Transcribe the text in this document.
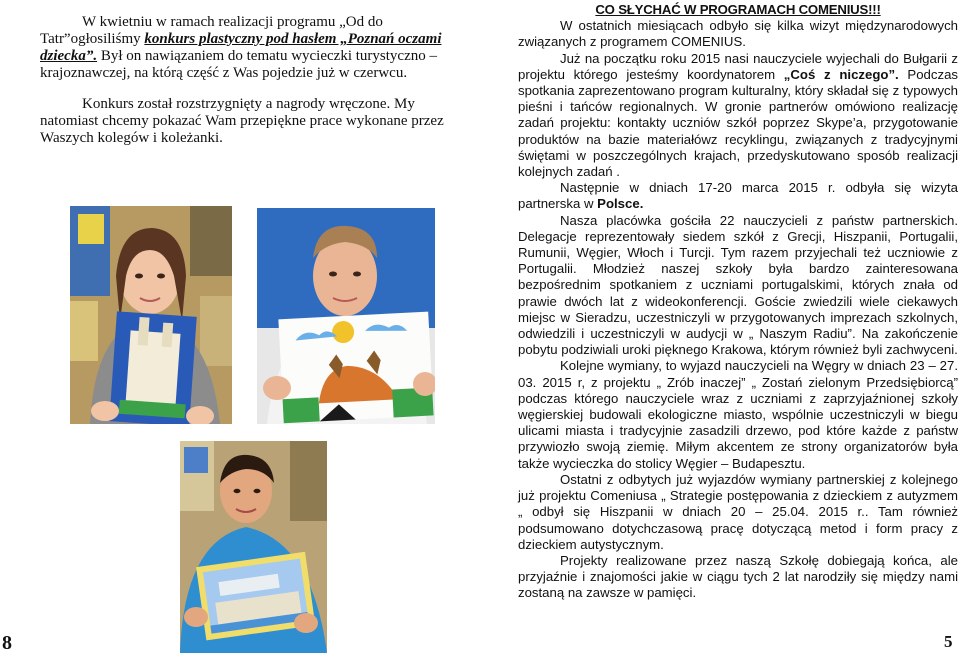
W kwietniu w ramach realizacji programu „Od do Tatr”ogłosiliśmy konkurs plastyczny pod hasłem „Poznań oczami dziecka”. Był on nawiązaniem do tematu wycieczki turystyczno – krajoznawczej, na którą część z Was pojedzie już w czerwcu.

Konkurs został rozstrzygnięty a nagrody wręczone. My natomiast chcemy pokazać Wam przepiękne prace wykonane przez Waszych kolegów i koleżanki.

8

CO SŁYCHAĆ W PROGRAMACH COMENIUS!!!

W ostatnich miesiącach odbyło się kilka wizyt międzynarodowych związanych z programem COMENIUS.

Już na początku roku 2015 nasi nauczyciele wyjechali do Bułgarii z projektu którego jesteśmy koordynatorem „Coś z niczego”. Podczas spotkania zaprezentowano program kulturalny, który składał się z typowych pieśni i tańców regionalnych. W gronie partnerów omówiono realizację zadań projektu: kontakty uczniów szkół poprzez Skype’a, przygotowanie produktów na bazie materiałówz recyklingu, związanych z tradycyjnymi świętami w poszczególnych krajach, przedyskutowano sposób realizacji kolejnych zadań .

Następnie w dniach 17-20 marca 2015 r. odbyła się wizyta partnerska w Polsce.

Nasza placówka gościła 22 nauczycieli z państw partnerskich. Delegacje reprezentowały siedem szkół z Grecji, Hiszpanii, Portugalii, Rumunii, Węgier, Włoch i Turcji. Tym razem przyjechali też uczniowie z Portugalii. Młodzież naszej szkoły była bardzo zainteresowana bezpośrednim spotkaniem z uczniami portugalskimi, których znała od prawie dwóch lat z wideokonferencji. Goście zwiedzili wiele ciekawych miejsc w Sieradzu, uczestniczyli w przygotowanych imprezach szkolnych, odwiedzili i uczestniczyli w audycji w „ Naszym Radiu”. Na zakończenie pobytu podziwiali uroki pięknego Krakowa, którym również byli zachwyceni.

Kolejne wymiany, to wyjazd nauczycieli na Węgry w dniach 23 – 27. 03. 2015 r, z projektu „ Zrób inaczej” „ Zostań zielonym Przedsiębiorcą” podczas którego nauczyciele wraz z uczniami z zaprzyjaźnionej szkoły węgierskiej budowali ekologiczne miasto, wspólnie uczestniczyli w biegu ulicami miasta i tradycyjnie zasadzili drzewo, pod które każde z państw przywiozło swoją ziemię. Miłym akcentem ze strony organizatorów była także wycieczka do stolicy Węgier – Budapesztu.

Ostatni z odbytych już wyjazdów wymiany partnerskiej z kolejnego już projektu Comeniusa „ Strategie postępowania z dzieckiem z autyzmem „ odbył się Hiszpanii w dniach 20 – 25.04. 2015 r.. Tam również podsumowano dotychczasową pracę dotyczącą metod i form pracy z dzieckiem autystycznym.

Projekty realizowane przez naszą Szkołę dobiegają końca, ale przyjaźnie i znajomości jakie w ciągu tych 2 lat narodziły się między nami zostaną na zawsze w pamięci.

5
